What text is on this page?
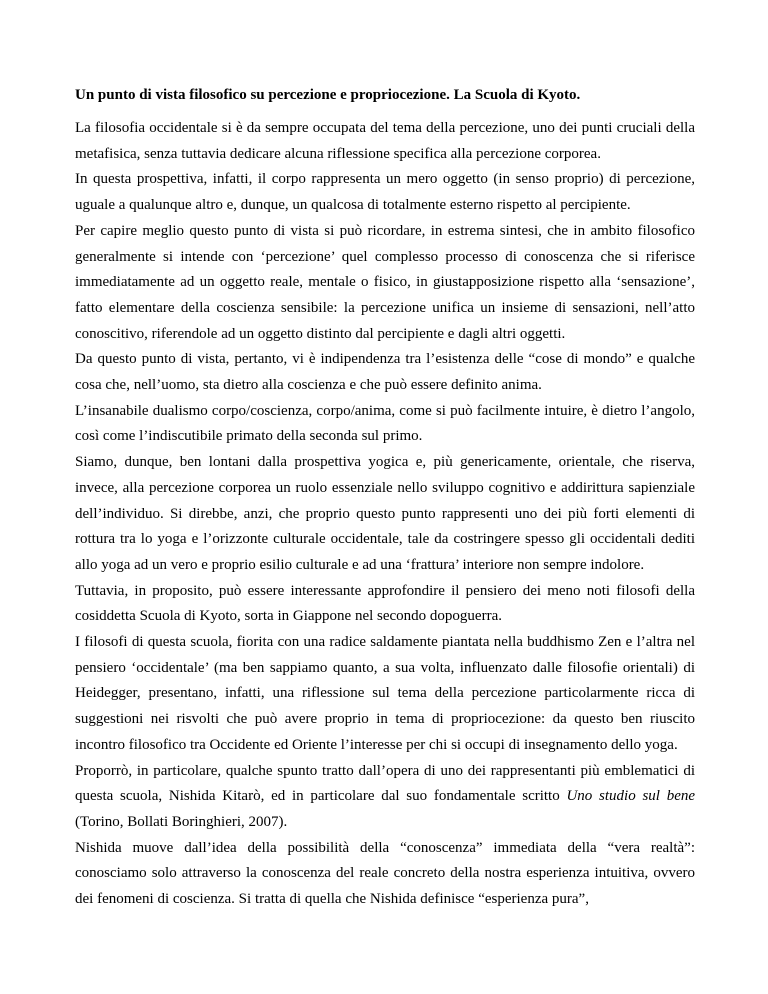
Un punto di vista filosofico su percezione e propriocezione. La Scuola di Kyoto.

La filosofia occidentale si è da sempre occupata del tema della percezione, uno dei punti cruciali della metafisica, senza tuttavia dedicare alcuna riflessione specifica alla percezione corporea.

In questa prospettiva, infatti, il corpo rappresenta un mero oggetto (in senso proprio) di percezione, uguale a qualunque altro e, dunque, un qualcosa di totalmente esterno rispetto al percipiente.

Per capire meglio questo punto di vista si può ricordare, in estrema sintesi, che in ambito filosofico generalmente si intende con ‘percezione’ quel complesso processo di conoscenza che si riferisce immediatamente ad un oggetto reale, mentale o fisico, in giustapposizione rispetto alla ‘sensazione’, fatto elementare della coscienza sensibile: la percezione unifica un insieme di sensazioni, nell’atto conoscitivo, riferendole ad un oggetto distinto dal percipiente e dagli altri oggetti.

Da questo punto di vista, pertanto, vi è indipendenza tra l’esistenza delle “cose di mondo” e qualche cosa che, nell’uomo, sta dietro alla coscienza e che può essere definito anima.

L’insanabile dualismo corpo/coscienza, corpo/anima, come si può facilmente intuire, è dietro l’angolo, così come l’indiscutibile primato della seconda sul primo.

Siamo, dunque, ben lontani dalla prospettiva yogica e, più genericamente, orientale, che riserva, invece, alla percezione corporea un ruolo essenziale nello sviluppo cognitivo e addirittura sapienziale dell’individuo. Si direbbe, anzi, che proprio questo punto rappresenti uno dei più forti elementi di rottura tra lo yoga e l’orizzonte culturale occidentale, tale da costringere spesso gli occidentali dediti allo yoga ad un vero e proprio esilio culturale e ad una ‘frattura’ interiore non sempre indolore.

Tuttavia, in proposito, può essere interessante approfondire il pensiero dei meno noti filosofi della cosiddetta Scuola di Kyoto, sorta in Giappone nel secondo dopoguerra.

I filosofi di questa scuola, fiorita con una radice saldamente piantata nella buddhismo Zen e l’altra nel pensiero ‘occidentale’ (ma ben sappiamo quanto, a sua volta, influenzato dalle filosofie orientali) di Heidegger, presentano, infatti, una riflessione sul tema della percezione particolarmente ricca di suggestioni nei risvolti che può avere proprio in tema di propriocezione: da questo ben riuscito incontro filosofico tra Occidente ed Oriente l’interesse per chi si occupi di insegnamento dello yoga.

Proporrò, in particolare, qualche spunto tratto dall’opera di uno dei rappresentanti più emblematici di questa scuola, Nishida Kitarò, ed in particolare dal suo fondamentale scritto Uno studio sul bene (Torino, Bollati Boringhieri, 2007).

Nishida muove dall’idea della possibilità della “conoscenza” immediata della “vera realtà”: conosciamo solo attraverso la conoscenza del reale concreto della nostra esperienza intuitiva, ovvero dei fenomeni di coscienza. Si tratta di quella che Nishida definisce “esperienza pura”,
